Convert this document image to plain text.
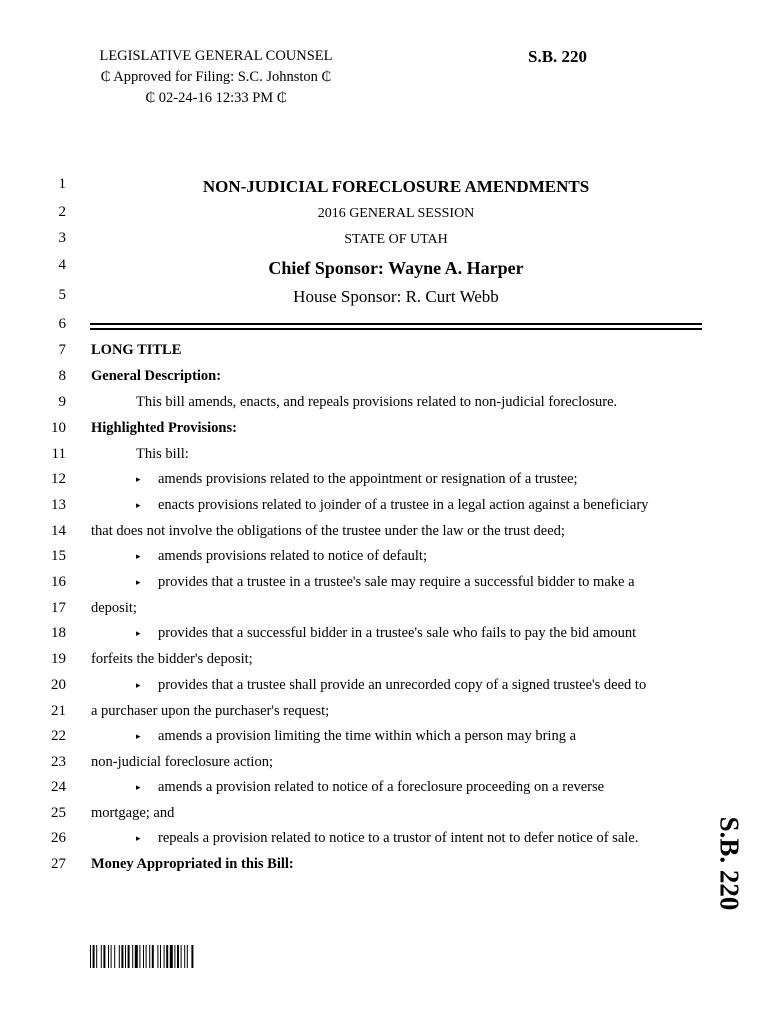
LEGISLATIVE GENERAL COUNSEL
₵ Approved for Filing: S.C. Johnston ₵
₵ 02-24-16 12:33 PM ₵
S.B. 220
1	NON-JUDICIAL FORECLOSURE AMENDMENTS
2	2016 GENERAL SESSION
3	STATE OF UTAH
4	Chief Sponsor: Wayne A. Harper
5	House Sponsor: R. Curt Webb
6
7 LONG TITLE
8 General Description:
9	This bill amends, enacts, and repeals provisions related to non-judicial foreclosure.
10 Highlighted Provisions:
11	This bill:
12	▸ amends provisions related to the appointment or resignation of a trustee;
13	▸ enacts provisions related to joinder of a trustee in a legal action against a beneficiary
14 that does not involve the obligations of the trustee under the law or the trust deed;
15	▸ amends provisions related to notice of default;
16	▸ provides that a trustee in a trustee's sale may require a successful bidder to make a
17 deposit;
18	▸ provides that a successful bidder in a trustee's sale who fails to pay the bid amount
19 forfeits the bidder's deposit;
20	▸ provides that a trustee shall provide an unrecorded copy of a signed trustee's deed to
21 a purchaser upon the purchaser's request;
22	▸ amends a provision limiting the time within which a person may bring a
23 non-judicial foreclosure action;
24	▸ amends a provision related to notice of a foreclosure proceeding on a reverse
25 mortgage; and
26	▸ repeals a provision related to notice to a trustor of intent not to defer notice of sale.
27 Money Appropriated in this Bill:	S.B. 220
